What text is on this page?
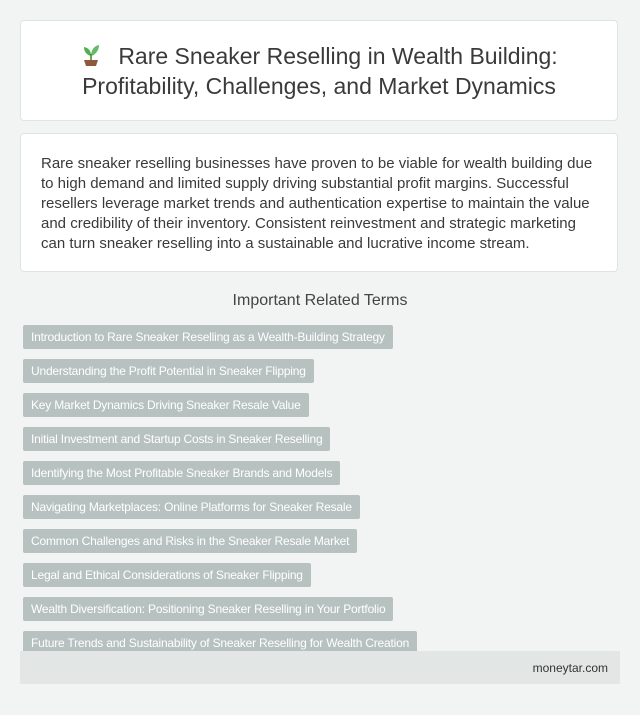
Rare Sneaker Reselling in Wealth Building: Profitability, Challenges, and Market Dynamics

Rare sneaker reselling businesses have proven to be viable for wealth building due to high demand and limited supply driving substantial profit margins. Successful resellers leverage market trends and authentication expertise to maintain the value and credibility of their inventory. Consistent reinvestment and strategic marketing can turn sneaker reselling into a sustainable and lucrative income stream.

Important Related Terms
Introduction to Rare Sneaker Reselling as a Wealth-Building Strategy
Understanding the Profit Potential in Sneaker Flipping
Key Market Dynamics Driving Sneaker Resale Value
Initial Investment and Startup Costs in Sneaker Reselling
Identifying the Most Profitable Sneaker Brands and Models
Navigating Marketplaces: Online Platforms for Sneaker Resale
Common Challenges and Risks in the Sneaker Resale Market
Legal and Ethical Considerations of Sneaker Flipping
Wealth Diversification: Positioning Sneaker Reselling in Your Portfolio
Future Trends and Sustainability of Sneaker Reselling for Wealth Creation
moneytar.com
